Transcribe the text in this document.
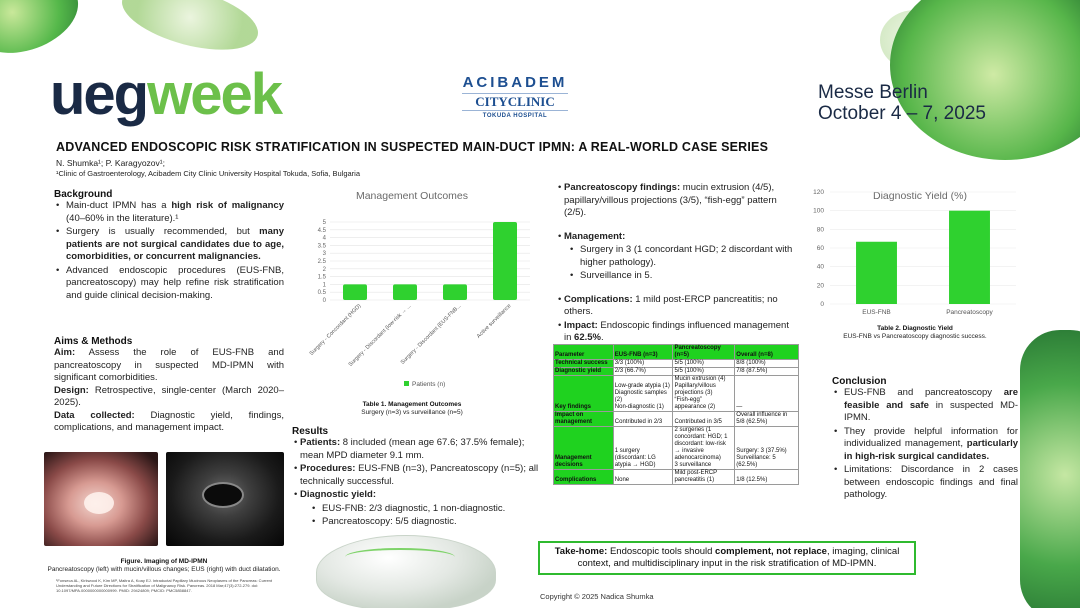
uegweek	ACIBADEM
CITYCLINIC
TOKUDA HOSPITAL
Messe Berlin
October 4 – 7, 2025
ADVANCED ENDOSCOPIC RISK STRATIFICATION IN SUSPECTED MAIN-DUCT IPMN: A REAL-WORLD CASE SERIES
N. Shumka¹; P. Karagyozov¹;
¹Clinic of Gastroenterology, Acibadem City Clinic University Hospital Tokuda, Sofia, Bulgaria
Background
• Main-duct IPMN has a high risk of malignancy (40–60% in the literature).¹
• Surgery is usually recommended, but many patients are not surgical candidates due to age, comorbidities, or concurrent malignancies.
• Advanced endoscopic procedures (EUS-FNB, pancreatoscopy) may help refine risk stratification and guide clinical decision-making.
Aims & Methods

Aim: Assess the role of EUS-FNB and pancreatoscopy in suspected MD-IPMN with significant comorbidities.

Design: Retrospective, single-center (March 2020–2025).

Data collected: Diagnostic yield, findings, complications, and management impact.

Figure. Imaging of MD-IPMN
Pancreatoscopy (left) with mucin/villous changes; EUS (right) with duct dilatation.
¹Fonseca AL, Kirkwood K, Kim MP, Maitra A, Koay EJ. Intraductal Papillary Mucinous Neoplasms of the Pancreas: Current Understanding and Future Directions for Stratification of Malignancy Risk. Pancreas. 2018 Mar;47(3):272-279. doi: 10.1097/MPA.0000000000000999. PMID: 29424809; PMCID: PMC5858847.
Management Outcomes
0
0.5
1
1.5
2
2.5
3
3.5
4
4.5
5
Surgery - Concordant (HGD)
Surgery - Discordant (low-risk → ...
Surgery - Discordant (EUS-FNB... Active surveillance
Patients (n)
Table 1. Management Outcomes
Surgery (n=3) vs surveillance (n=5)
Results
• Patients: 8 included (mean age 67.6; 37.5% female); mean MPD diameter 9.1 mm.
• Procedures: EUS-FNB (n=3), Pancreatoscopy (n=5); all technically successful.
• Diagnostic yield:
• EUS-FNB: 2/3 diagnostic, 1 non-diagnostic.
• Pancreatoscopy: 5/5 diagnostic.
• Pancreatoscopy findings: mucin extrusion (4/5), papillary/villous projections (3/5), “fish-egg” pattern (2/5).
• Management:
• Surgery in 3 (1 concordant HGD; 2 discordant with higher pathology).
• Surveillance in 5.
• Complications: 1 mild post-ERCP pancreatitis; no others.
• Impact: Endoscopic findings influenced management in 62.5%.
Parameter	EUS-FNB (n=3)	Pancreatoscopy (n=5)	Overall (n=8)
Technical success	3/3 (100%)	5/5 (100%)	8/8 (100%)
Diagnostic yield	2/3 (66.7%)	5/5 (100%)	7/8 (87.5%)
Key findings	Low-grade atypia (1)
Diagnostic samples (2)
Non-diagnostic (1)	Mucin extrusion (4)
Papillary/villous projections (3)
“Fish-egg” appearance (2)	—
Impact on management	Contributed in 2/3	Contributed in 3/5	Overall influence in 5/8 (62.5%)
Management decisions	1 surgery (discordant: LG atypia → HGD)	2 surgeries (1 concordant: HGD; 1 discordant: low-risk → invasive adenocarcinoma)
3 surveillance	Surgery: 3 (37.5%)
Surveillance: 5 (62.5%)
Complications	None	Mild post-ERCP pancreatitis (1)	1/8 (12.5%)
Diagnostic Yield (%)
0
20
40
60
80
100
120
EUS-FNB	Pancreatoscopy
Table 2. Diagnostic Yield
EUS-FNB vs Pancreatoscopy diagnostic success.
Conclusion
• EUS-FNB and pancreatoscopy are feasible and safe in suspected MD-IPMN.
• They provide helpful information for individualized management, particularly in high-risk surgical candidates.
• Limitations: Discordance in 2 cases between endoscopic findings and final pathology.
Take-home: Endoscopic tools should complement, not replace, imaging, clinical context, and multidisciplinary input in the risk stratification of MD-IPMN.
Copyright © 2025 Nadica Shumka
